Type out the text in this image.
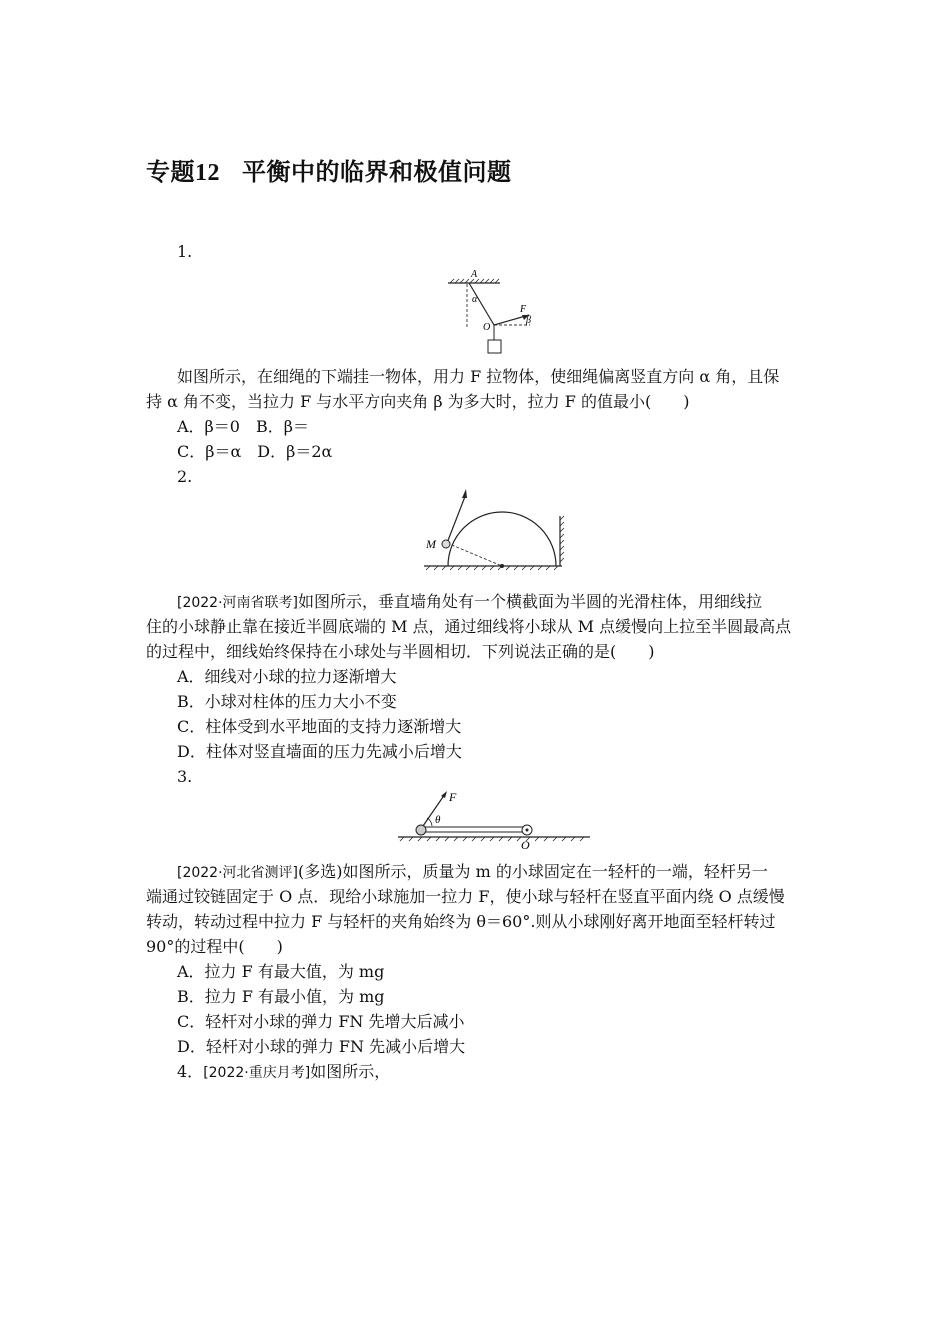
专题12 平衡中的临界和极值问题
1.
A
α
F
β
O
如图所示，在细绳的下端挂一物体，用力 F 拉物体，使细绳偏离竖直方向 α 角，且保
持 α 角不变，当拉力 F 与水平方向夹角 β 为多大时，拉力 F 的值最小(　　)
A．β＝0　B．β＝
C．β＝α　D．β＝2α
2.
M
[2022·河南省联考]如图所示，垂直墙角处有一个横截面为半圆的光滑柱体，用细线拉
住的小球静止靠在接近半圆底端的 M 点，通过细线将小球从 M 点缓慢向上拉至半圆最高点
的过程中，细线始终保持在小球处与半圆相切．下列说法正确的是(　　)
A．细线对小球的拉力逐渐增大
B．小球对柱体的压力大小不变
C．柱体受到水平地面的支持力逐渐增大
D．柱体对竖直墙面的压力先减小后增大
3.
F
θ
O
[2022·河北省测评](多选)如图所示，质量为 m 的小球固定在一轻杆的一端，轻杆另一
端通过铰链固定于 O 点．现给小球施加一拉力 F，使小球与轻杆在竖直平面内绕 O 点缓慢
转动，转动过程中拉力 F 与轻杆的夹角始终为 θ＝60°.则从小球刚好离开地面至轻杆转过
90°的过程中(　　)
A．拉力 F 有最大值，为 mg
B．拉力 F 有最小值，为 mg
C．轻杆对小球的弹力 FN 先增大后减小
D．轻杆对小球的弹力 FN 先减小后增大
4．[2022·重庆月考]如图所示，
